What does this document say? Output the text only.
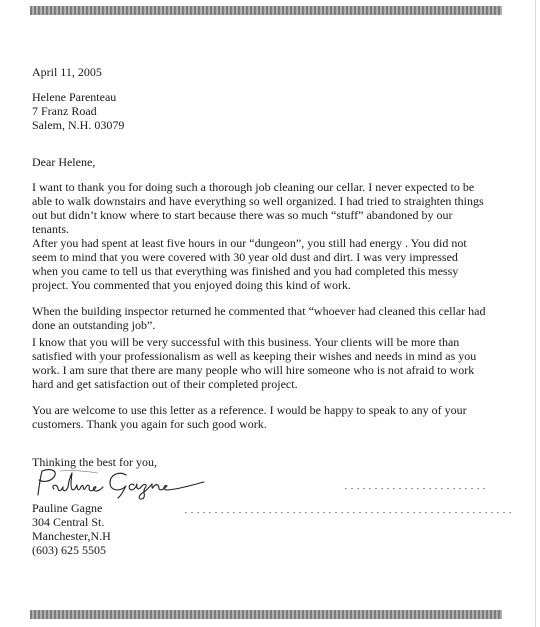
April 11, 2005
Helene Parenteau
7 Franz Road
Salem, N.H. 03079
Dear Helene,
I want to thank you for doing such a thorough job cleaning our cellar. I never expected to be
able to walk downstairs and have everything so well organized. I had tried to straighten things
out but didn’t know where to start because there was so much “stuff” abandoned by our
tenants.
After you had spent at least five hours in our “dungeon”, you still had energy . You did not
seem to mind that you were covered with 30 year old dust and dirt. I was very impressed
when you came to tell us that everything was finished and you had completed this messy
project. You commented that you enjoyed doing this kind of work.
When the building inspector returned he commented that “whoever had cleaned this cellar had
done an outstanding job”.
I know that you will be very successful with this business. Your clients will be more than
satisfied with your professionalism as well as keeping their wishes and needs in mind as you
work. I am sure that there are many people who will hire someone who is not afraid to work
hard and get satisfaction out of their completed project.
You are welcome to use this letter as a reference. I would be happy to speak to any of your
customers. Thank you again for such good work.
Thinking the best for you,
Pauline Gagne
304 Central St.
Manchester,N.H
(603) 625 5505
